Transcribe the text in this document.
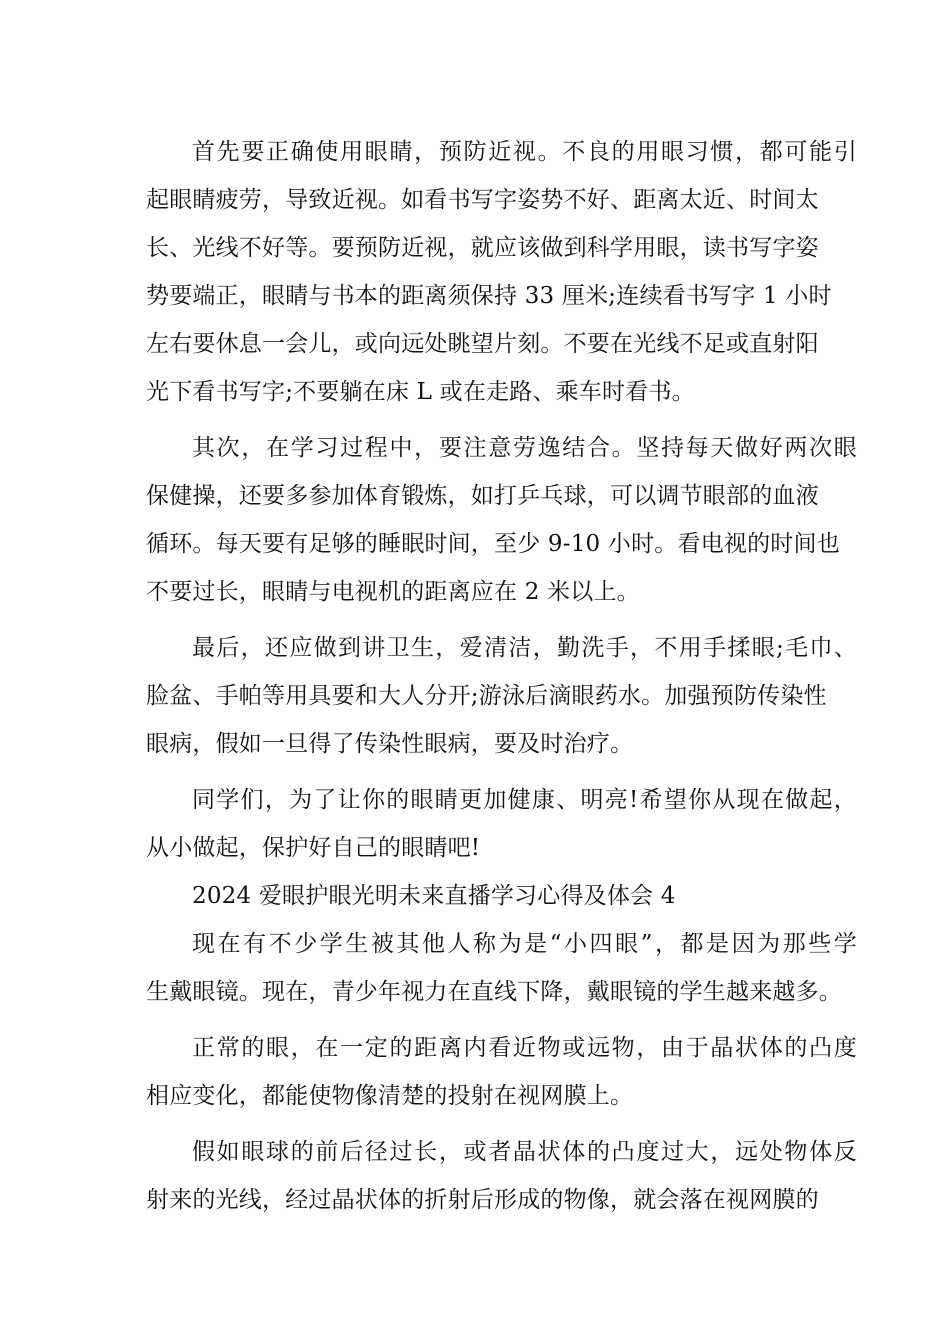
首先要正确使用眼睛，预防近视。不良的用眼习惯，都可能引
起眼睛疲劳，导致近视。如看书写字姿势不好、距离太近、时间太
长、光线不好等。要预防近视，就应该做到科学用眼，读书写字姿
势要端正，眼睛与书本的距离须保持 33 厘米;连续看书写字 1 小时
左右要休息一会儿，或向远处眺望片刻。不要在光线不足或直射阳
光下看书写字;不要躺在床 L 或在走路、乘车时看书。
其次，在学习过程中，要注意劳逸结合。坚持每天做好两次眼
保健操，还要多参加体育锻炼，如打乒乓球，可以调节眼部的血液
循环。每天要有足够的睡眠时间，至少 9-10 小时。看电视的时间也
不要过长，眼睛与电视机的距离应在 2 米以上。
最后，还应做到讲卫生，爱清洁，勤洗手，不用手揉眼;毛巾、
脸盆、手帕等用具要和大人分开;游泳后滴眼药水。加强预防传染性
眼病，假如一旦得了传染性眼病，要及时治疗。
同学们，为了让你的眼睛更加健康、明亮!希望你从现在做起，
从小做起，保护好自己的眼睛吧!
2024 爱眼护眼光明未来直播学习心得及体会 4
现在有不少学生被其他人称为是“小四眼”，都是因为那些学
生戴眼镜。现在，青少年视力在直线下降，戴眼镜的学生越来越多。
正常的眼，在一定的距离内看近物或远物，由于晶状体的凸度
相应变化，都能使物像清楚的投射在视网膜上。
假如眼球的前后径过长，或者晶状体的凸度过大，远处物体反
射来的光线，经过晶状体的折射后形成的物像，就会落在视网膜的
